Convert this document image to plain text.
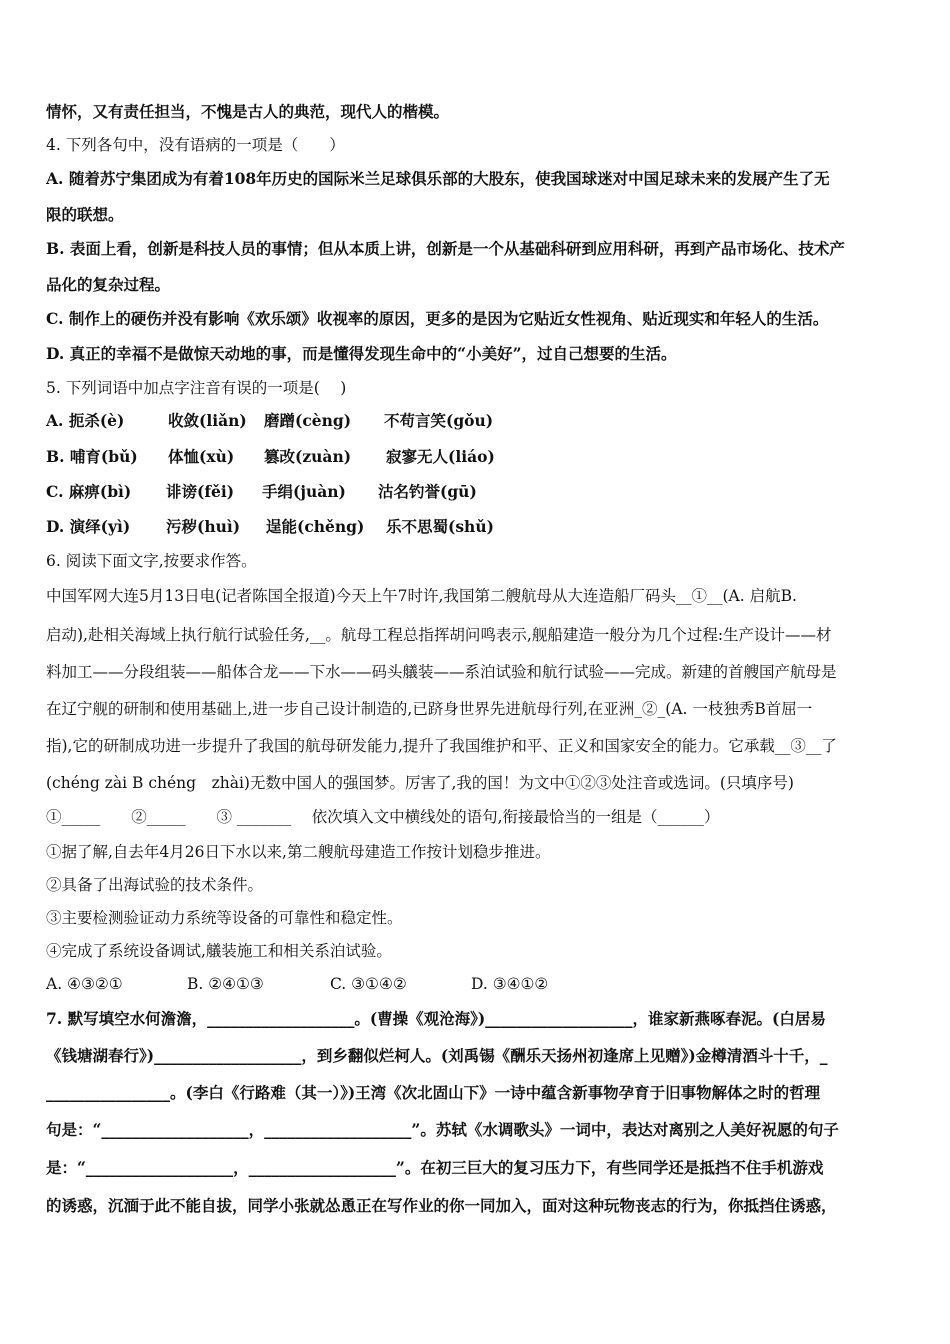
情怀，又有责任担当，不愧是古人的典范，现代人的楷模。
4. 下列各句中，没有语病的一项是（　　）
A. 随着苏宁集团成为有着108年历史的国际米兰足球俱乐部的大股东，使我国球迷对中国足球未来的发展产生了无
限的联想。
B. 表面上看，创新是科技人员的事情；但从本质上讲，创新是一个从基础科研到应用科研，再到产品市场化、技术产
品化的复杂过程。
C. 制作上的硬伤并没有影响《欢乐颂》收视率的原因，更多的是因为它贴近女性视角、贴近现实和年轻人的生活。
D. 真正的幸福不是做惊天动地的事，而是懂得发现生命中的“小美好”，过自己想要的生活。
5. 下列词语中加点字注音有误的一项是(　 )
A. 扼杀(è)	收敛(liǎn)	磨蹭(cèng)	不苟言笑(gǒu)
B. 哺育(bǔ)	体恤(xù)	篡改(zuàn)	寂寥无人(liáo)
C. 麻痹(bì)	诽谤(fěi)	手绢(juàn)	沽名钓誉(gū)
D. 演绎(yì)	污秽(huì)	逞能(chěng)	乐不思蜀(shǔ)
6. 阅读下面文字,按要求作答。
中国军网大连5月13日电(记者陈国全报道)今天上午7时许,我国第二艘航母从大连造船厂码头__①__(A. 启航B.
启动),赴相关海域上执行航行试验任务,__。航母工程总指挥胡问鸣表示,舰船建造一般分为几个过程:生产设计——材
料加工——分段组装——船体合龙——下水——码头艤装——系泊试验和航行试验——完成。新建的首艘国产航母是
在辽宁舰的研制和使用基础上,进一步自己设计制造的,已跻身世界先进航母行列,在亚洲_②_(A. 一枝独秀B首屈一
指),它的研制成功进一步提升了我国的航母研发能力,提升了我国维护和平、正义和国家安全的能力。它承载__③__了
(chéng zài B chéng　zhài)无数中国人的强国梦。厉害了,我的国！为文中①②③处注音或选词。(只填序号)
①_____　　②_____　　③ _______　 依次填入文中横线处的语句,衔接最恰当的一组是（______）
①据了解,自去年4月26日下水以来,第二艘航母建造工作按计划稳步推进。
②具备了出海试验的技术条件。
③主要检测验证动力系统等设备的可靠性和稳定性。
④完成了系统设备调试,艤装施工和相关系泊试验。
A. ④③②①	B. ②④①③	C. ③①④②	D. ③④①②
7. 默写填空水何澹澹，___________________。(曹操《观沧海》)___________________，谁家新燕啄春泥。(白居易
《钱塘湖春行》)___________________，到乡翻似烂柯人。(刘禹锡《酬乐天扬州初逢席上见赠》)金樽清酒斗十千，_
________________。(李白《行路难（其一）》)王湾《次北固山下》一诗中蕴含新事物孕育于旧事物解体之时的哲理
句是：“___________________，___________________”。苏轼《水调歌头》一词中，表达对离别之人美好祝愿的句子
是：“___________________，___________________”。在初三巨大的复习压力下，有些同学还是抵挡不住手机游戏
的诱惑，沉湎于此不能自拔，同学小张就怂恿正在写作业的你一同加入，面对这种玩物丧志的行为，你抵挡住诱惑，
